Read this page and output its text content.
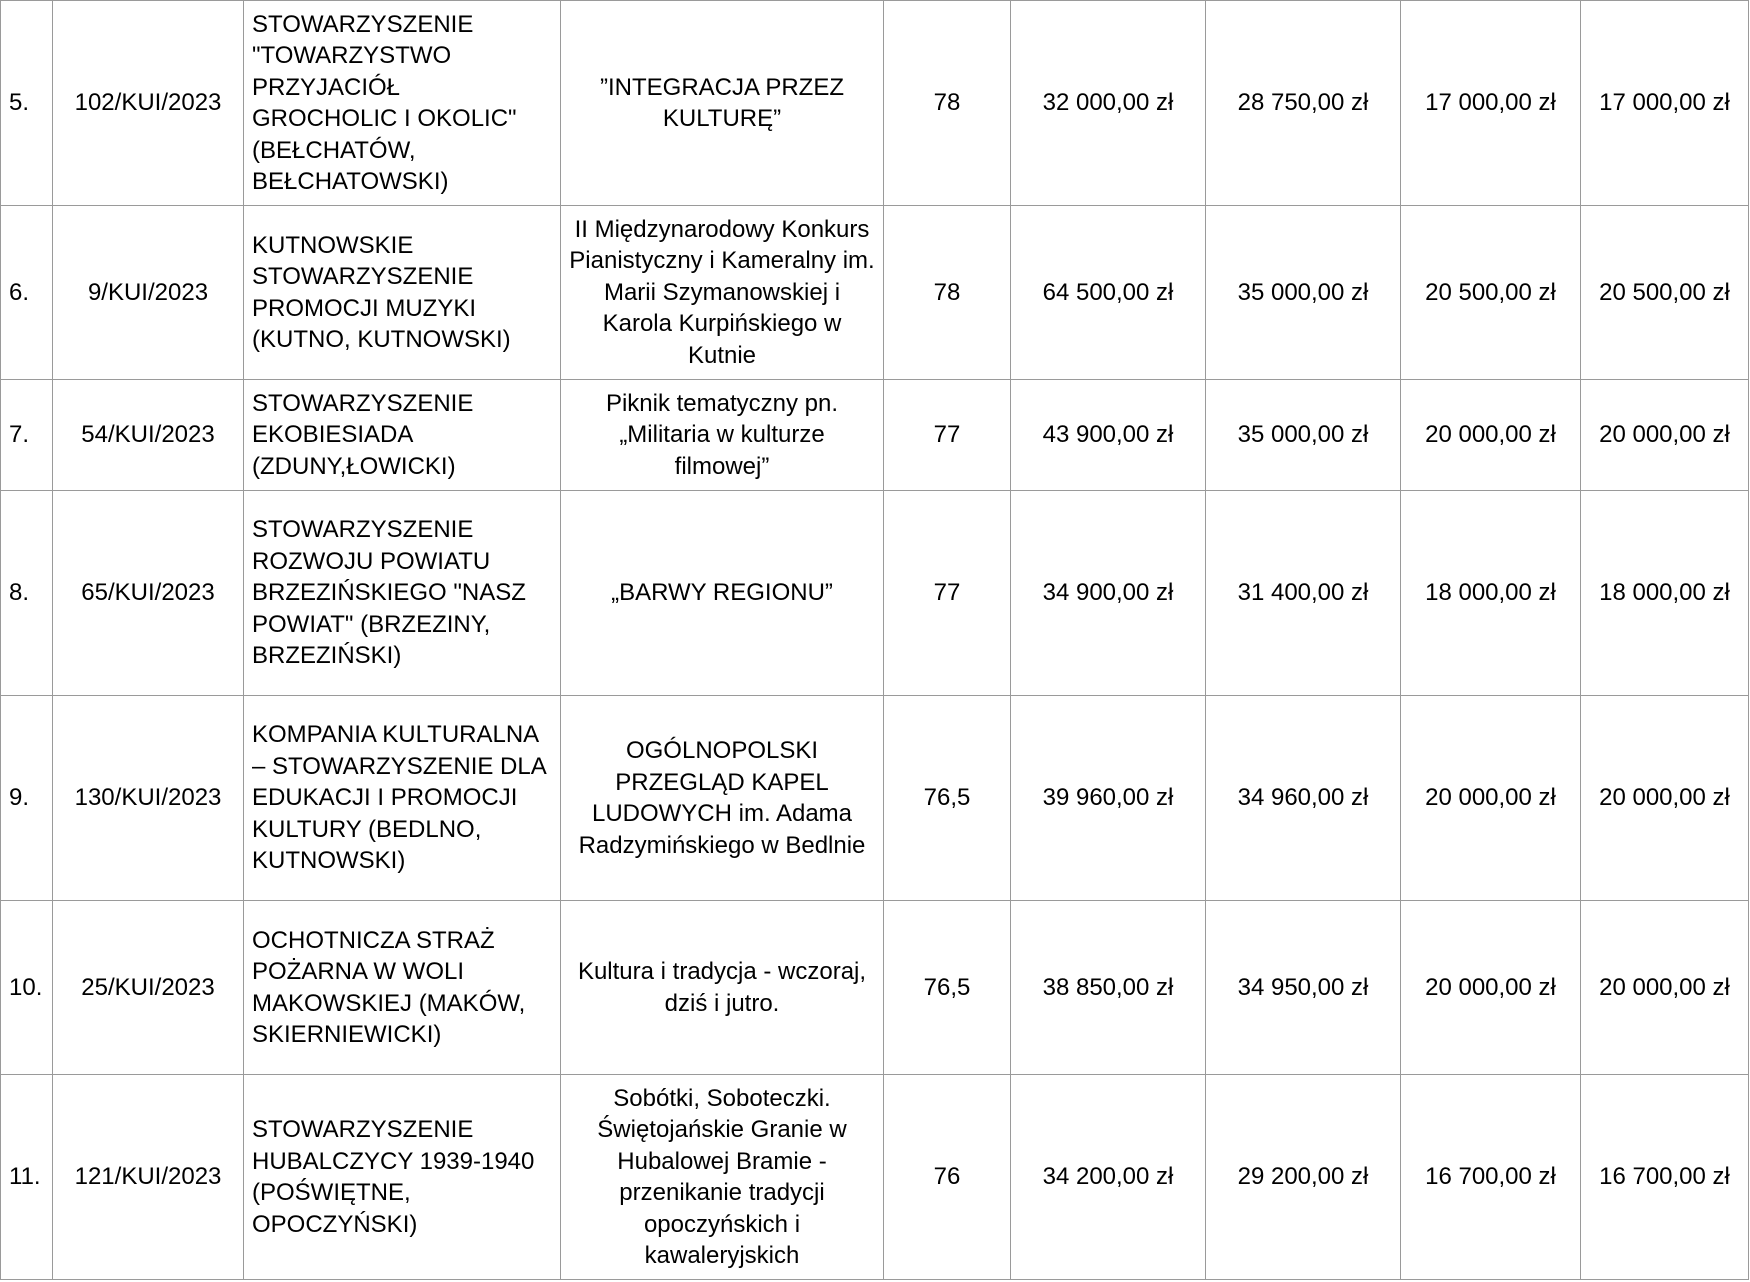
5.	102/KUI/2023	STOWARZYSZENIE "TOWARZYSTWO PRZYJACIÓŁ GROCHOLIC I OKOLIC" (BEŁCHATÓW, BEŁCHATOWSKI)	”INTEGRACJA PRZEZ KULTURĘ”	78	32 000,00 zł	28 750,00 zł	17 000,00 zł	17 000,00 zł
6.	9/KUI/2023	KUTNOWSKIE STOWARZYSZENIE PROMOCJI MUZYKI (KUTNO, KUTNOWSKI)	II Międzynarodowy Konkurs Pianistyczny i Kameralny im. Marii Szymanowskiej i Karola Kurpińskiego w Kutnie	78	64 500,00 zł	35 000,00 zł	20 500,00 zł	20 500,00 zł
7.	54/KUI/2023	STOWARZYSZENIE EKOBIESIADA (ZDUNY,ŁOWICKI)	Piknik tematyczny pn. „Militaria w kulturze filmowej”	77	43 900,00 zł	35 000,00 zł	20 000,00 zł	20 000,00 zł
8.	65/KUI/2023	STOWARZYSZENIE ROZWOJU POWIATU BRZEZIŃSKIEGO "NASZ POWIAT" (BRZEZINY, BRZEZIŃSKI)	„BARWY REGIONU”	77	34 900,00 zł	31 400,00 zł	18 000,00 zł	18 000,00 zł
9.	130/KUI/2023	KOMPANIA KULTURALNA – STOWARZYSZENIE DLA EDUKACJI I PROMOCJI KULTURY (BEDLNO, KUTNOWSKI)	OGÓLNOPOLSKI PRZEGLĄD KAPEL LUDOWYCH im. Adama Radzymińskiego w Bedlnie	76,5	39 960,00 zł	34 960,00 zł	20 000,00 zł	20 000,00 zł
10.	25/KUI/2023	OCHOTNICZA STRAŻ POŻARNA W WOLI MAKOWSKIEJ (MAKÓW, SKIERNIEWICKI)	Kultura i tradycja - wczoraj, dziś i jutro.	76,5	38 850,00 zł	34 950,00 zł	20 000,00 zł	20 000,00 zł
11.	121/KUI/2023	STOWARZYSZENIE HUBALCZYCY 1939-1940 (POŚWIĘTNE, OPOCZYŃSKI)	Sobótki, Soboteczki. Świętojańskie Granie w Hubalowej Bramie - przenikanie tradycji opoczyńskich i kawaleryjskich	76	34 200,00 zł	29 200,00 zł	16 700,00 zł	16 700,00 zł
